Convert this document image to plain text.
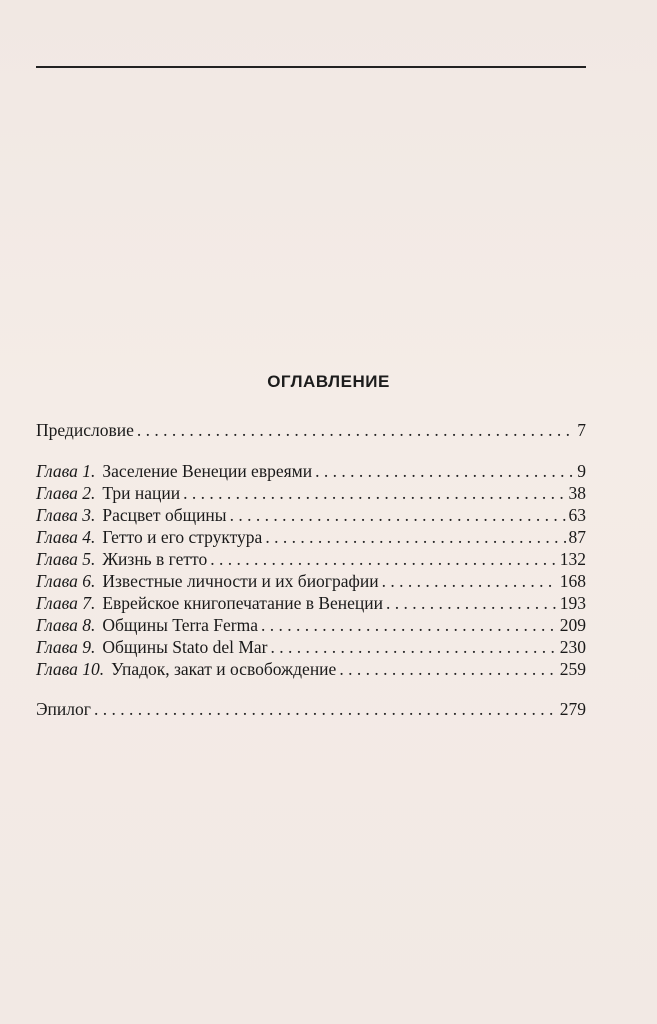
ОГЛАВЛЕНИЕ
Предисловие . . .	7
Глава 1. Заселение Венеции евреями . . .	9
Глава 2. Три нации . . .	38
Глава 3. Расцвет общины . . .	63
Глава 4. Гетто и его структура . . .	87
Глава 5. Жизнь в гетто . . .	132
Глава 6. Известные личности и их биографии . . .	168
Глава 7. Еврейское книгопечатание в Венеции . . .	193
Глава 8. Общины Terra Ferma . . .	209
Глава 9. Общины Stato del Mar . . .	230
Глава 10. Упадок, закат и освобождение . . .	259
Эпилог . . .	279
